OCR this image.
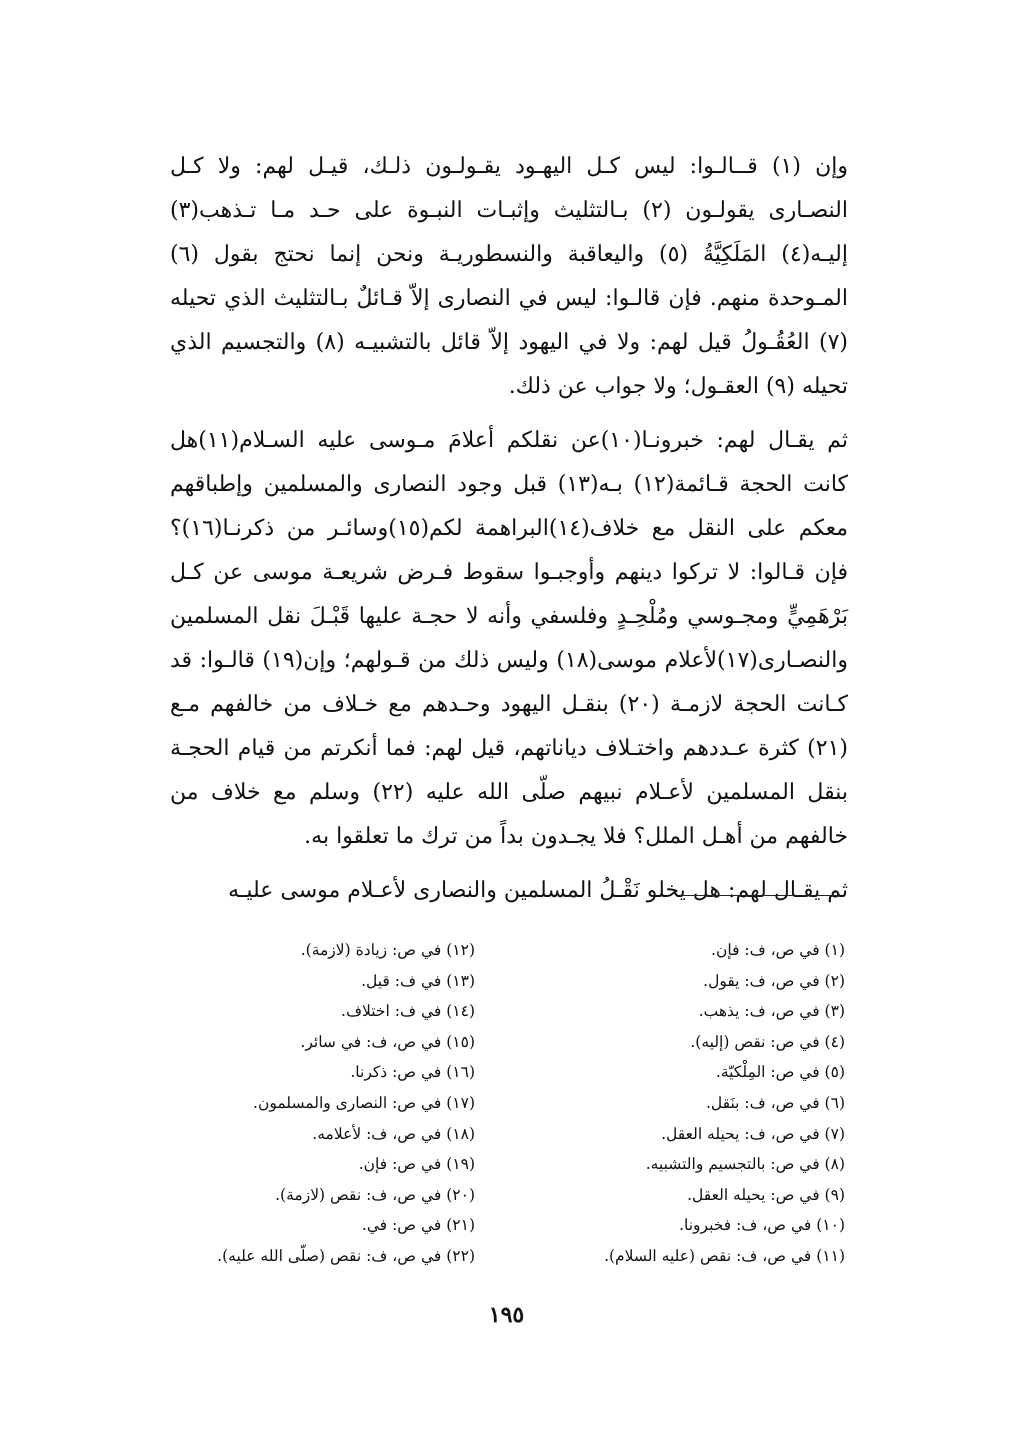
وإن (١) قــالـوا: ليس كـل اليهـود يقـولـون ذلـك، قيـل لهم: ولا كـل النصـارى يقولـون (٢) بـالتثليث وإثبـات النبـوة على حـد مـا تـذهب(٣) إليـه(٤) المَلَكِيَّةُ (٥) واليعاقبة والنسطوريـة ونحن إنما نحتج بقول (٦) المـوحدة منهم. فإن قالـوا: ليس في النصارى إلاّ قـائلٌ بـالتثليث الذي تحيله (٧) العُقُـولُ قيل لهم: ولا في اليهود إلاّ قائل بالتشبيـه (٨) والتجسيم الذي تحيله (٩) العقـول؛ ولا جواب عن ذلك.

ثم يقـال لهم: خبرونـا(١٠)عن نقلكم أعلامَ مـوسى عليه السـلام(١١)هل كانت الحجة قـائمة(١٢) بـه(١٣) قبل وجود النصارى والمسلمين وإطباقهم معكم على النقل مع خلاف(١٤)البراهمة لكم(١٥)وسائـر من ذكرنـا(١٦)؟ فإن قـالوا: لا تركوا دينهم وأوجبـوا سقوط فـرض شريعـة موسى عن كـل بَرْهَمِيٍّ ومجـوسي ومُلْحِـدٍ وفلسفي وأنه لا حجـة عليها قَبْـلَ نقل المسلمين والنصـارى(١٧)لأعلام موسى(١٨) وليس ذلك من قـولهم؛ وإن(١٩) قالـوا: قد كـانت الحجة لازمـة (٢٠) بنقـل اليهود وحـدهم مع خـلاف من خالفهم مـع (٢١) كثرة عـددهم واختـلاف دياناتهم، قيل لهم: فما أنكرتم من قيام الحجـة بنقل المسلمين لأعـلام نبيهم صلّى الله عليه (٢٢) وسلم مع خلاف من خالفهم من أهـل الملل؟ فلا يجـدون بداً من ترك ما تعلقوا به.

ثم يقـال لهم: هل يخلو نَقْـلُ المسلمين والنصارى لأعـلام موسى عليـه

(١) في ص، ف: فإن.
(٢) في ص، ف: يقول.
(٣) في ص، ف: يذهب.
(٤) في ص: نقص (إليه).
(٥) في ص: المِلْكيّة.
(٦) في ص، ف: بنَقل.
(٧) في ص، ف: يحيله العقل.
(٨) في ص: بالتجسيم والتشبيه.
(٩) في ص: يحيله العقل.
(١٠) في ص، ف: فخبرونا.
(١١) في ص، ف: نقص (عليه السلام).
(١٢) في ص: زيادة (لازمة).
(١٣) في ف: قيل.
(١٤) في ف: اختلاف.
(١٥) في ص، ف: في سائر.
(١٦) في ص: ذكرنا.
(١٧) في ص: النصارى والمسلمون.
(١٨) في ص، ف: لأعلامه.
(١٩) في ص: فإن.
(٢٠) في ص، ف: نقص (لازمة).
(٢١) في ص: في.
(٢٢) في ص، ف: نقص (صلّى الله عليه).
١٩٥
